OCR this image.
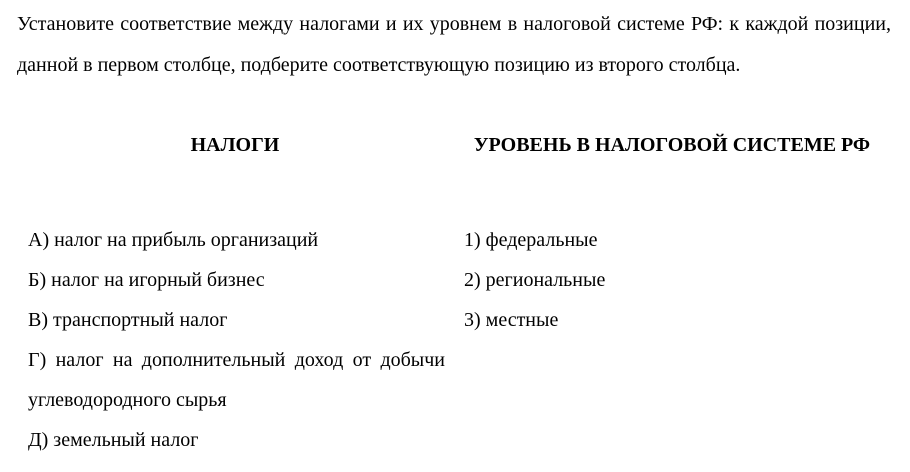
Установите соответствие между налогами и их уровнем в налоговой системе РФ: к каждой позиции, данной в первом столбце, подберите соответствующую позицию из второго столбца.

НАЛОГИ	УРОВЕНЬ В НАЛОГОВОЙ СИСТЕМЕ РФ
А) налог на прибыль организаций
Б) налог на игорный бизнес
В) транспортный налог
Г) налог на дополнительный доход от добычи углеводородного сырья
Д) земельный налог
1) федеральные
2) региональные
3) местные
